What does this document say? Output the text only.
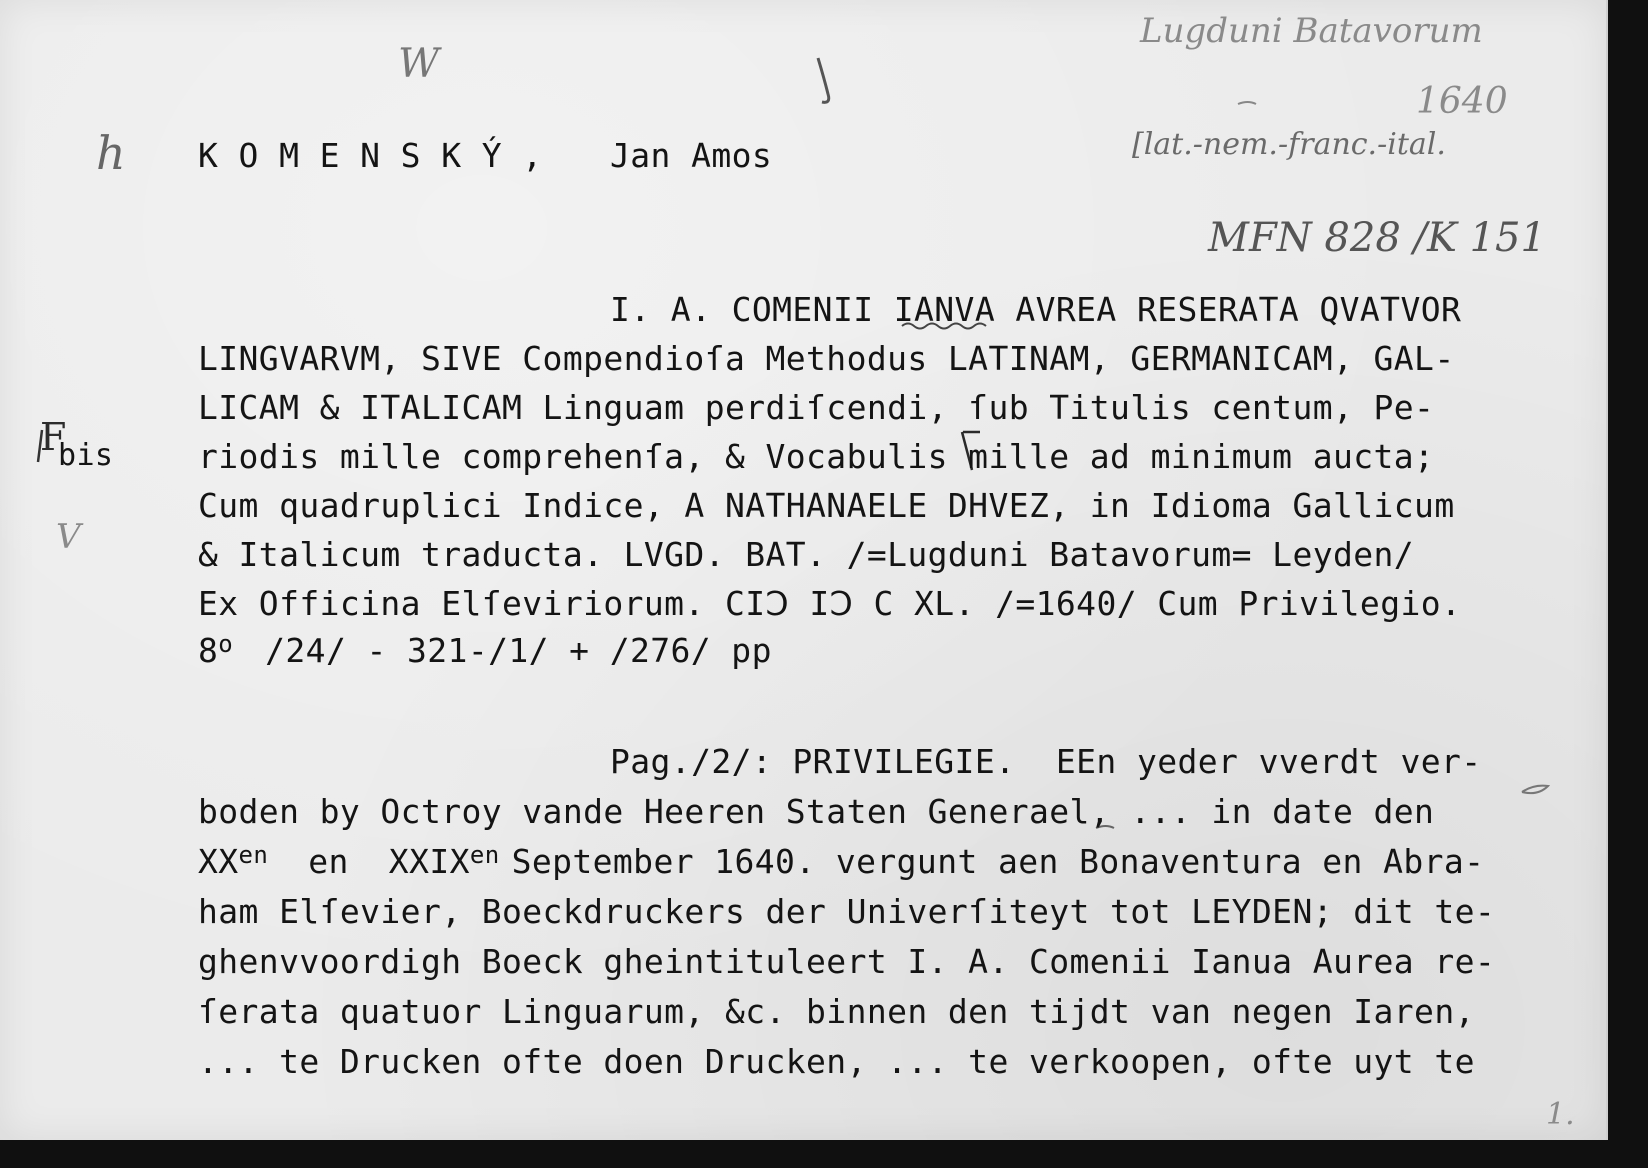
W
h
F
bis
V
Lugduni Batavorum
1640
[lat.-nem.-franc.-ital.
MFN 828 /K 151
1.
K O M E N S K Ý , Jan Amos
I. A. COMENII IANVA AVREA RESERATA QVATVOR
LINGVARVM, SIVE Compendioſa Methodus LATINAM, GERMANICAM, GAL-
LICAM & ITALICAM Linguam perdiſcendi, ſub Titulis centum, Pe-
riodis mille comprehenſa, & Vocabulis mille ad minimum aucta;
Cum quadruplici Indice, A NATHANAELE DHVEZ, in Idioma Gallicum
& Italicum traducta. LVGD. BAT. /=Lugduni Batavorum= Leyden/
Ex Officina Elſeviriorum. CIↃ IↃ C XL. /=1640/ Cum Privilegio.
8$^o$ /24/ - 321-/1/ + /276/ pp
Pag./2/: PRIVILEGIE.  EEn yeder vverdt ver-
boden by Octroy vande Heeren Staten Generael, ... in date den
$XX^{en}$ en $XXIX^{en}$ September 1640. vergunt aen Bonaventura en Abra-
ham Elſevier, Boeckdruckers der Univerſiteyt tot LEYDEN; dit te-
ghenvvoordigh Boeck gheintituleert I. A. Comenii Ianua Aurea re-
ſerata quatuor Linguarum, &c. binnen den tijdt van negen Iaren,
... te Drucken ofte doen Drucken, ... te verkoopen, ofte uyt te
